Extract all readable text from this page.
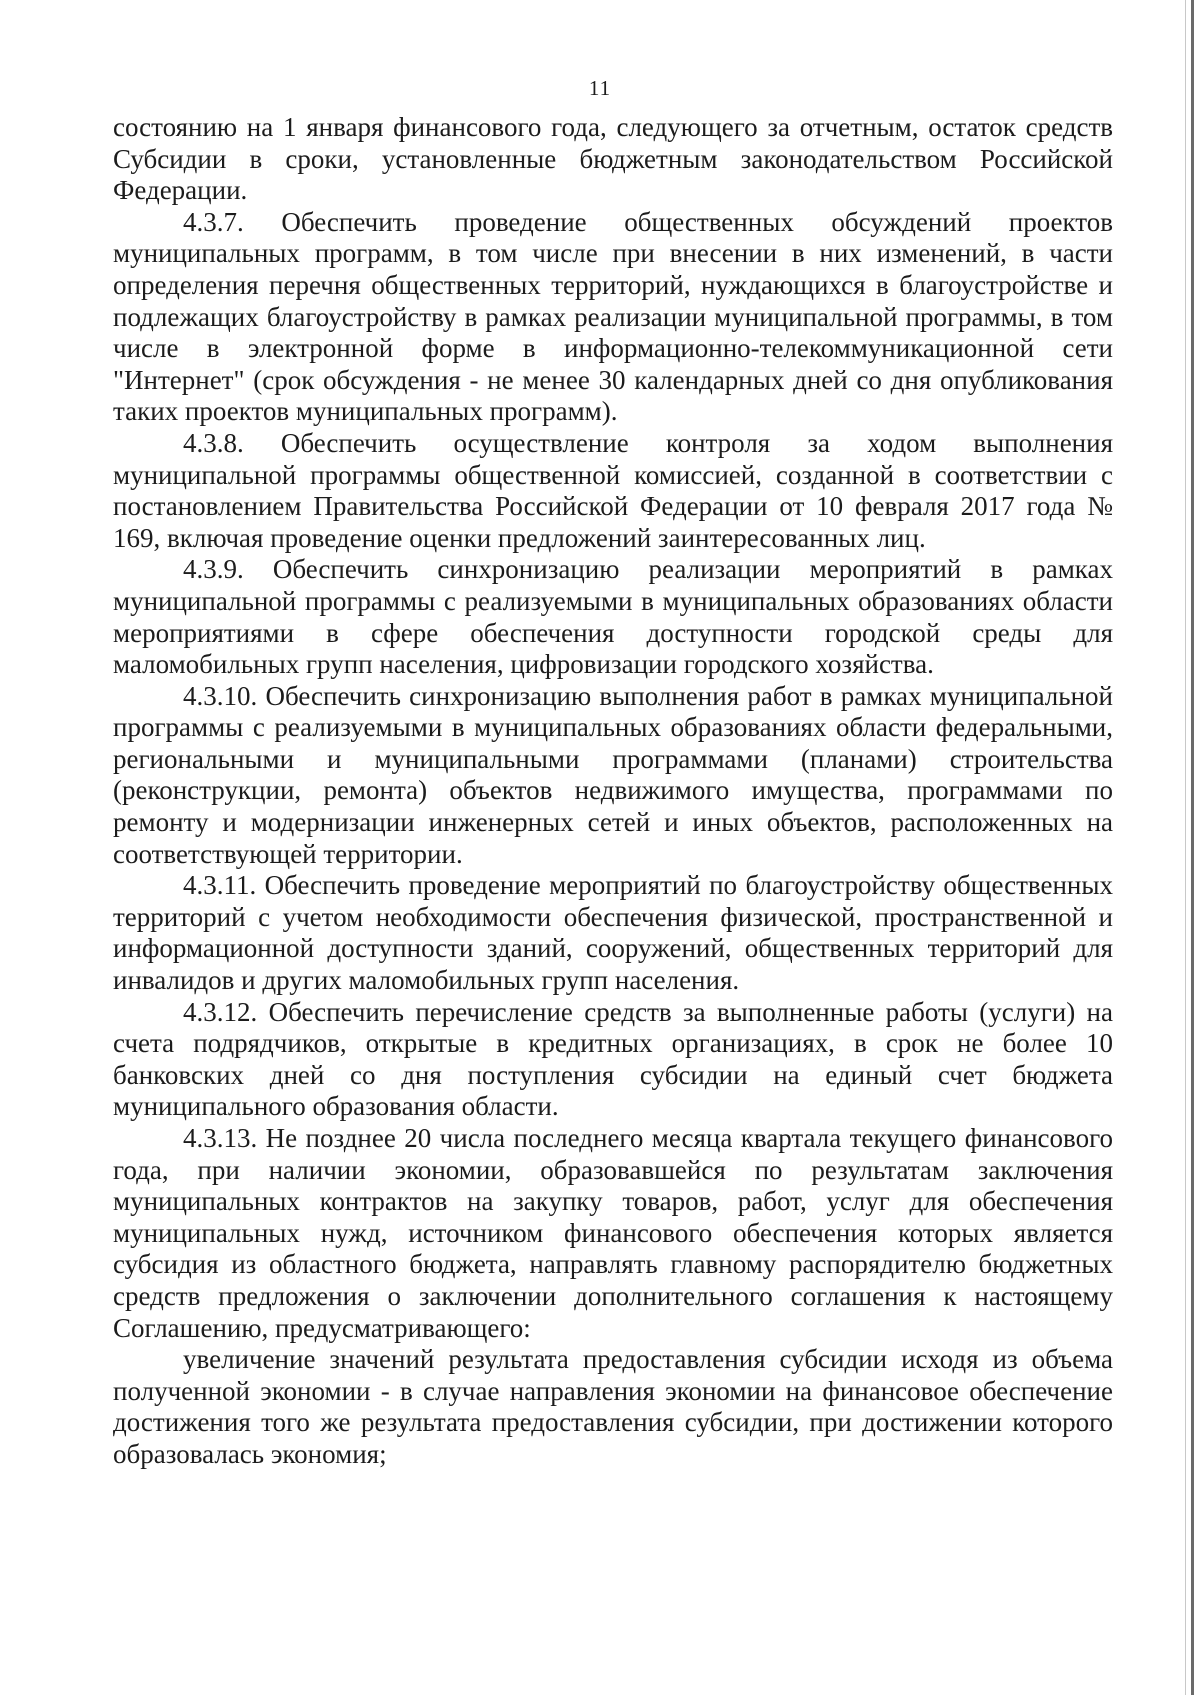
11

состоянию на 1 января финансового года, следующего за отчетным, остаток средств Субсидии в сроки, установленные бюджетным законодательством Российской Федерации.

4.3.7. Обеспечить проведение общественных обсуждений проектов муниципальных программ, в том числе при внесении в них изменений, в части определения перечня общественных территорий, нуждающихся в благоустройстве и подлежащих благоустройству в рамках реализации муниципальной программы, в том числе в электронной форме в информационно-телекоммуникационной сети "Интернет" (срок обсуждения - не менее 30 календарных дней со дня опубликования таких проектов муниципальных программ).

4.3.8. Обеспечить осуществление контроля за ходом выполнения муниципальной программы общественной комиссией, созданной в соответствии с постановлением Правительства Российской Федерации от 10 февраля 2017 года № 169, включая проведение оценки предложений заинтересованных лиц.

4.3.9. Обеспечить синхронизацию реализации мероприятий в рамках муниципальной программы с реализуемыми в муниципальных образованиях области мероприятиями в сфере обеспечения доступности городской среды для маломобильных групп населения, цифровизации городского хозяйства.

4.3.10. Обеспечить синхронизацию выполнения работ в рамках муниципальной программы с реализуемыми в муниципальных образованиях области федеральными, региональными и муниципальными программами (планами) строительства (реконструкции, ремонта) объектов недвижимого имущества, программами по ремонту и модернизации инженерных сетей и иных объектов, расположенных на соответствующей территории.

4.3.11. Обеспечить проведение мероприятий по благоустройству общественных территорий с учетом необходимости обеспечения физической, пространственной и информационной доступности зданий, сооружений, общественных территорий для инвалидов и других маломобильных групп населения.

4.3.12. Обеспечить перечисление средств за выполненные работы (услуги) на счета подрядчиков, открытые в кредитных организациях, в срок не более 10 банковских дней со дня поступления субсидии на единый счет бюджета муниципального образования области.

4.3.13. Не позднее 20 числа последнего месяца квартала текущего финансового года, при наличии экономии, образовавшейся по результатам заключения муниципальных контрактов на закупку товаров, работ, услуг для обеспечения муниципальных нужд, источником финансового обеспечения которых является субсидия из областного бюджета, направлять главному распорядителю бюджетных средств предложения о заключении дополнительного соглашения к настоящему Соглашению, предусматривающего:

увеличение значений результата предоставления субсидии исходя из объема полученной экономии - в случае направления экономии на финансовое обеспечение достижения того же результата предоставления субсидии, при достижении которого образовалась экономия;
